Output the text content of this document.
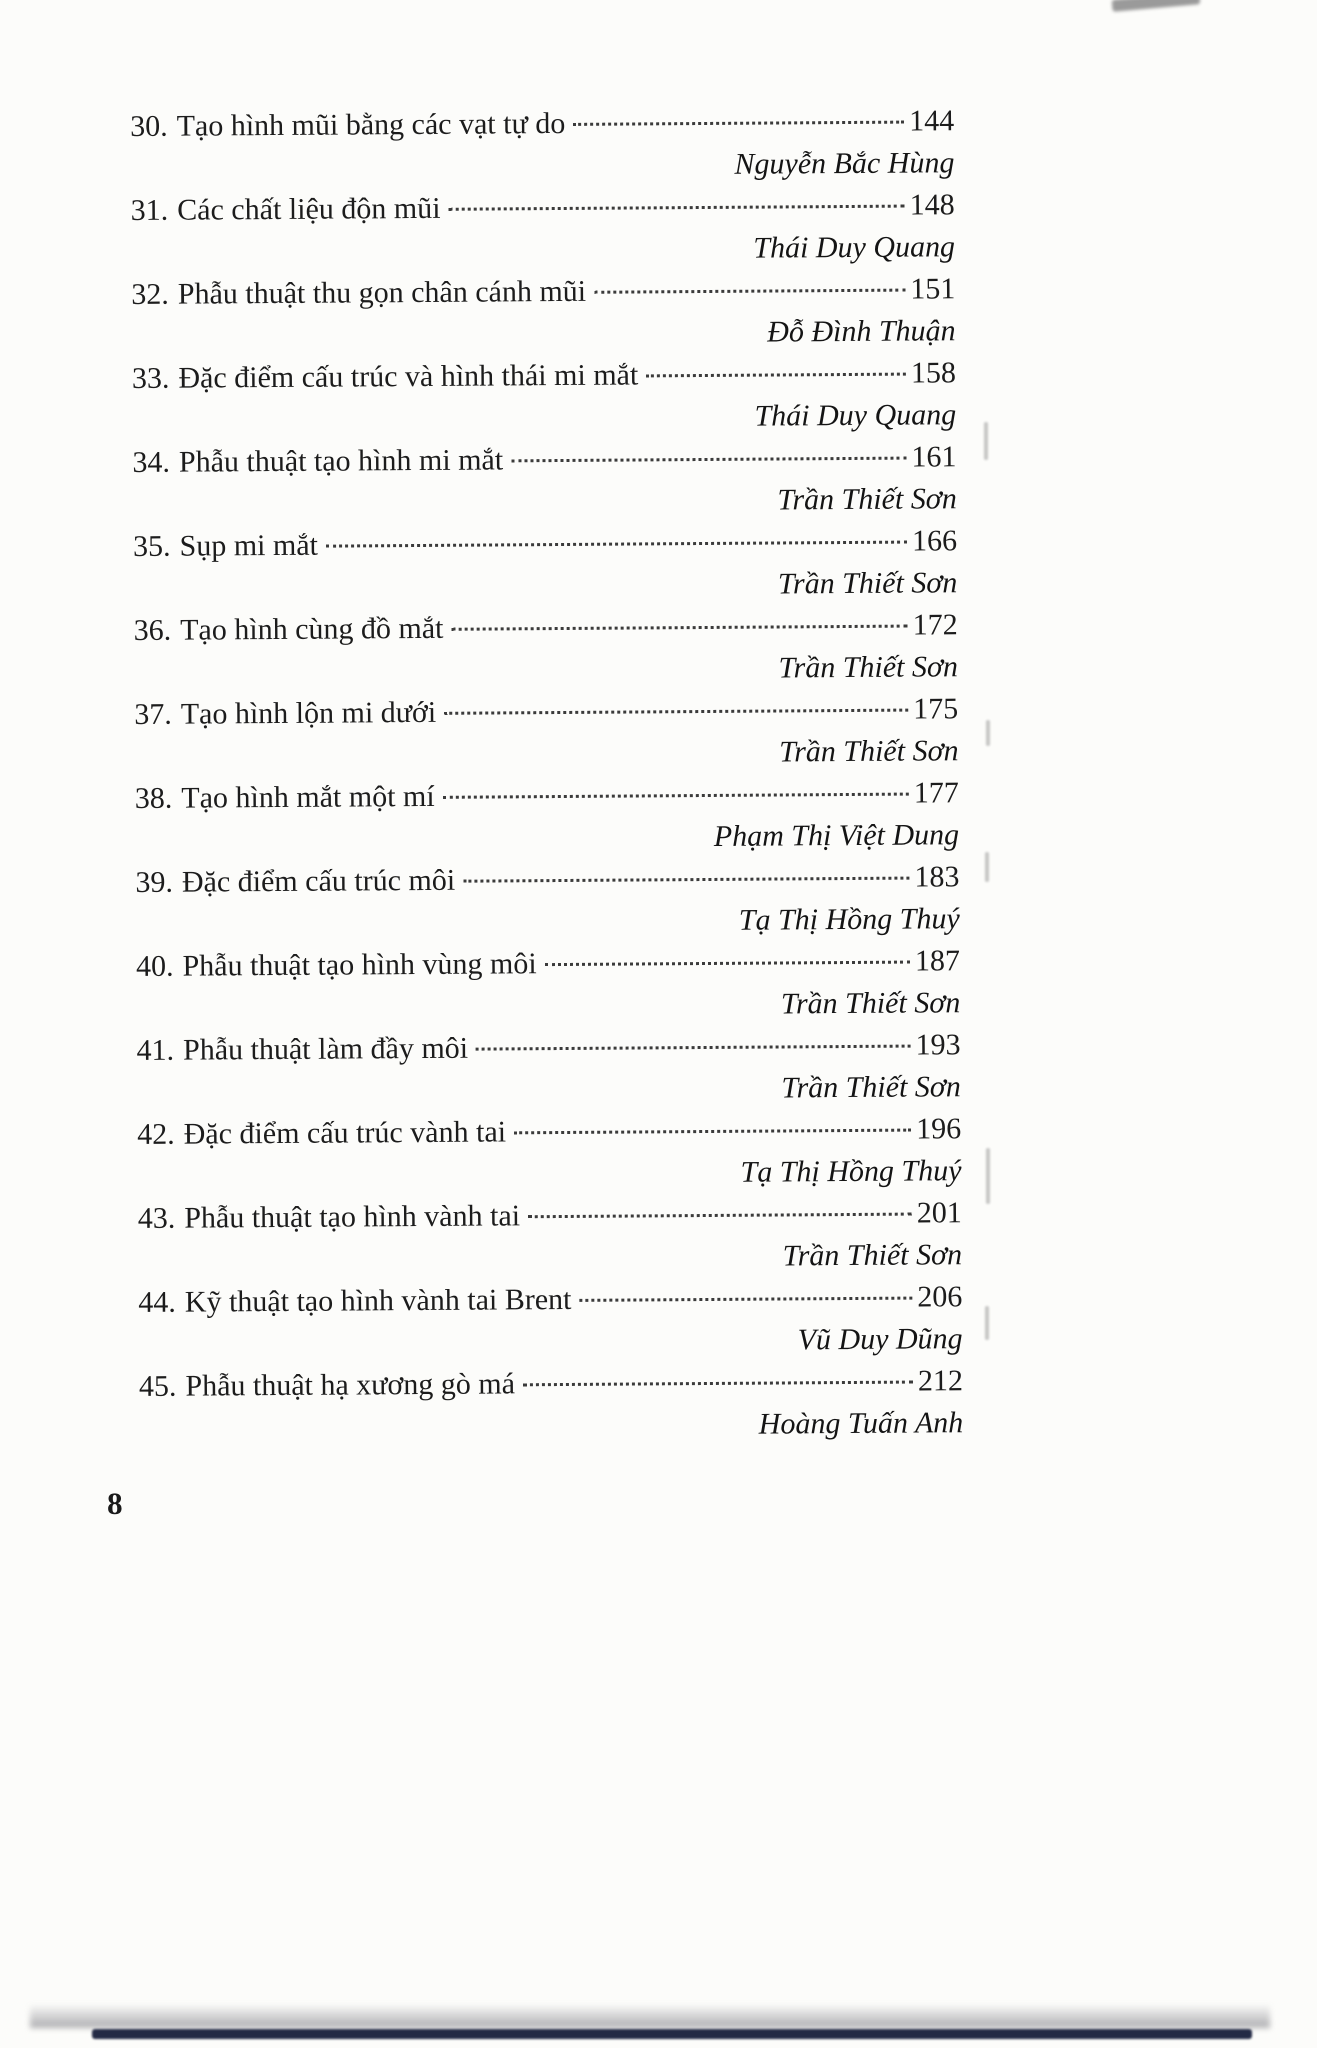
30. Tạo hình mũi bằng các vạt tự do	144
Nguyễn Bắc Hùng
31. Các chất liệu độn mũi	148
Thái Duy Quang
32. Phẫu thuật thu gọn chân cánh mũi	151
Đỗ Đình Thuận
33. Đặc điểm cấu trúc và hình thái mi mắt	158
Thái Duy Quang
34. Phẫu thuật tạo hình mi mắt	161
Trần Thiết Sơn
35. Sụp mi mắt	166
Trần Thiết Sơn
36. Tạo hình cùng đồ mắt	172
Trần Thiết Sơn
37. Tạo hình lộn mi dưới	175
Trần Thiết Sơn
38. Tạo hình mắt một mí	177
Phạm Thị Việt Dung
39. Đặc điểm cấu trúc môi	183
Tạ Thị Hồng Thuý
40. Phẫu thuật tạo hình vùng môi	187
Trần Thiết Sơn
41. Phẫu thuật làm đầy môi	193
Trần Thiết Sơn
42. Đặc điểm cấu trúc vành tai	196
Tạ Thị Hồng Thuý
43. Phẫu thuật tạo hình vành tai	201
Trần Thiết Sơn
44. Kỹ thuật tạo hình vành tai Brent	206
Vũ Duy Dũng
45. Phẫu thuật hạ xương gò má	212
Hoàng Tuấn Anh
8
